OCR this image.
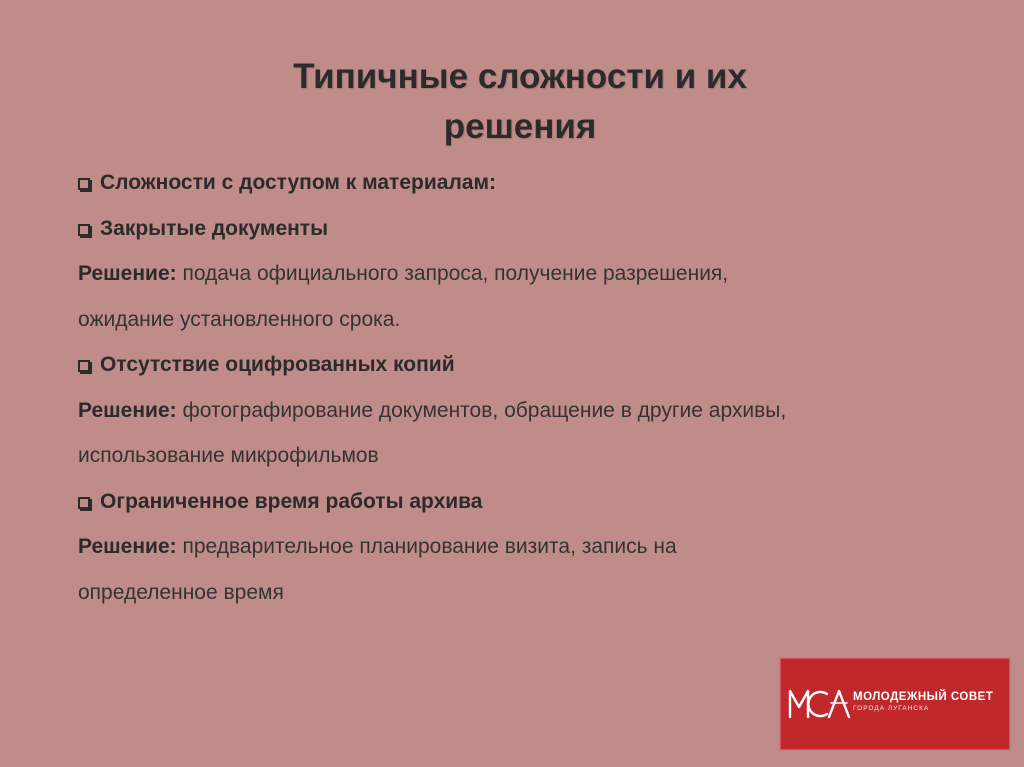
Типичные сложности и их
решения
Сложности с доступом к материалам:
Закрытые документы
Решение: подача официального запроса, получение разрешения,
ожидание установленного срока.
Отсутствие оцифрованных копий
Решение: фотографирование документов, обращение в другие архивы,
использование микрофильмов
Ограниченное время работы архива
Решение: предварительное планирование визита, запись на
определенное время
МОЛОДЕЖНЫЙ СОВЕТ
ГОРОДА ЛУГАНСКА
